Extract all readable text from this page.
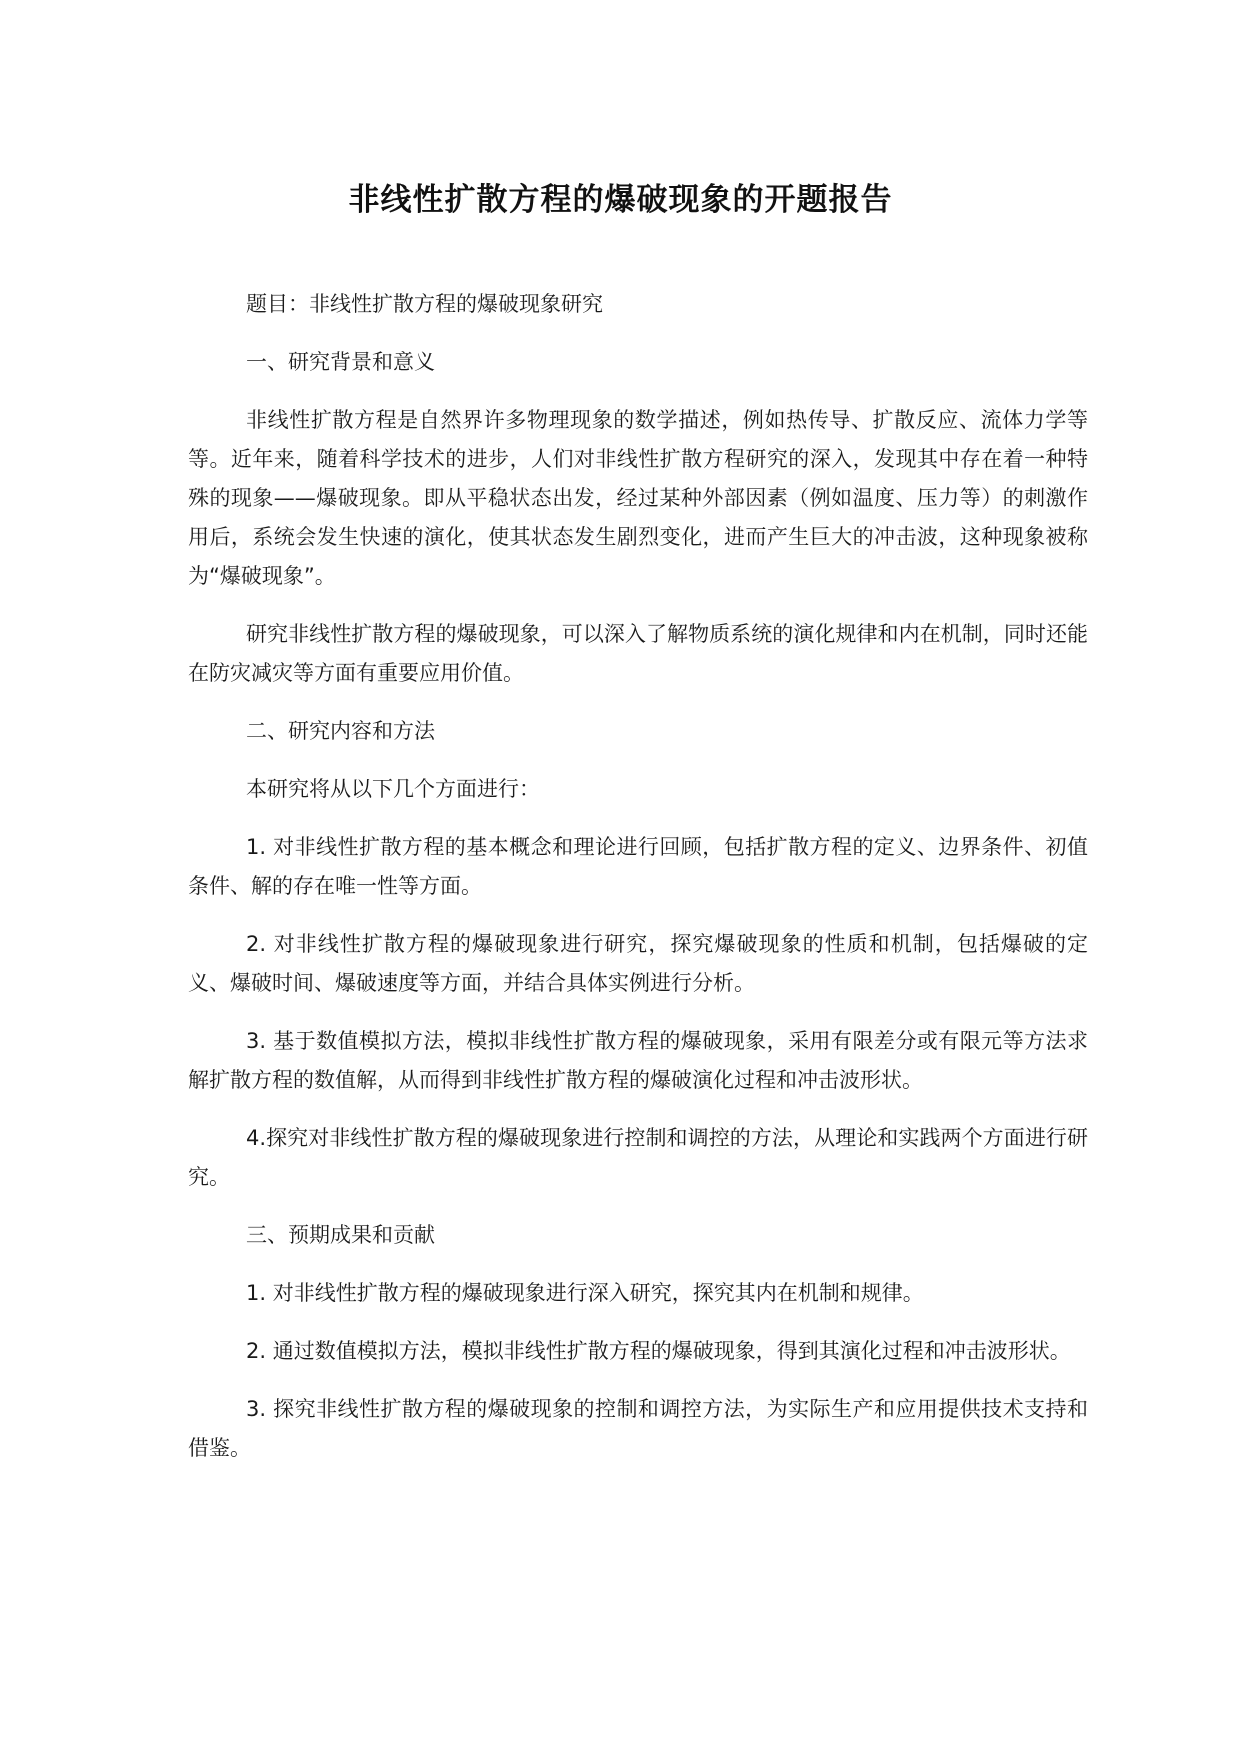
非线性扩散方程的爆破现象的开题报告

题目：非线性扩散方程的爆破现象研究

一、研究背景和意义

非线性扩散方程是自然界许多物理现象的数学描述，例如热传导、扩散反应、流体力学等等。近年来，随着科学技术的进步，人们对非线性扩散方程研究的深入，发现其中存在着一种特殊的现象——爆破现象。即从平稳状态出发，经过某种外部因素（例如温度、压力等）的刺激作用后，系统会发生快速的演化，使其状态发生剧烈变化，进而产生巨大的冲击波，这种现象被称为“爆破现象”。

研究非线性扩散方程的爆破现象，可以深入了解物质系统的演化规律和内在机制，同时还能在防灾减灾等方面有重要应用价值。

二、研究内容和方法

本研究将从以下几个方面进行：

1. 对非线性扩散方程的基本概念和理论进行回顾，包括扩散方程的定义、边界条件、初值条件、解的存在唯一性等方面。

2. 对非线性扩散方程的爆破现象进行研究，探究爆破现象的性质和机制，包括爆破的定义、爆破时间、爆破速度等方面，并结合具体实例进行分析。

3. 基于数值模拟方法，模拟非线性扩散方程的爆破现象，采用有限差分或有限元等方法求解扩散方程的数值解，从而得到非线性扩散方程的爆破演化过程和冲击波形状。

4.探究对非线性扩散方程的爆破现象进行控制和调控的方法，从理论和实践两个方面进行研究。

三、预期成果和贡献

1. 对非线性扩散方程的爆破现象进行深入研究，探究其内在机制和规律。

2. 通过数值模拟方法，模拟非线性扩散方程的爆破现象，得到其演化过程和冲击波形状。

3. 探究非线性扩散方程的爆破现象的控制和调控方法，为实际生产和应用提供技术支持和借鉴。
